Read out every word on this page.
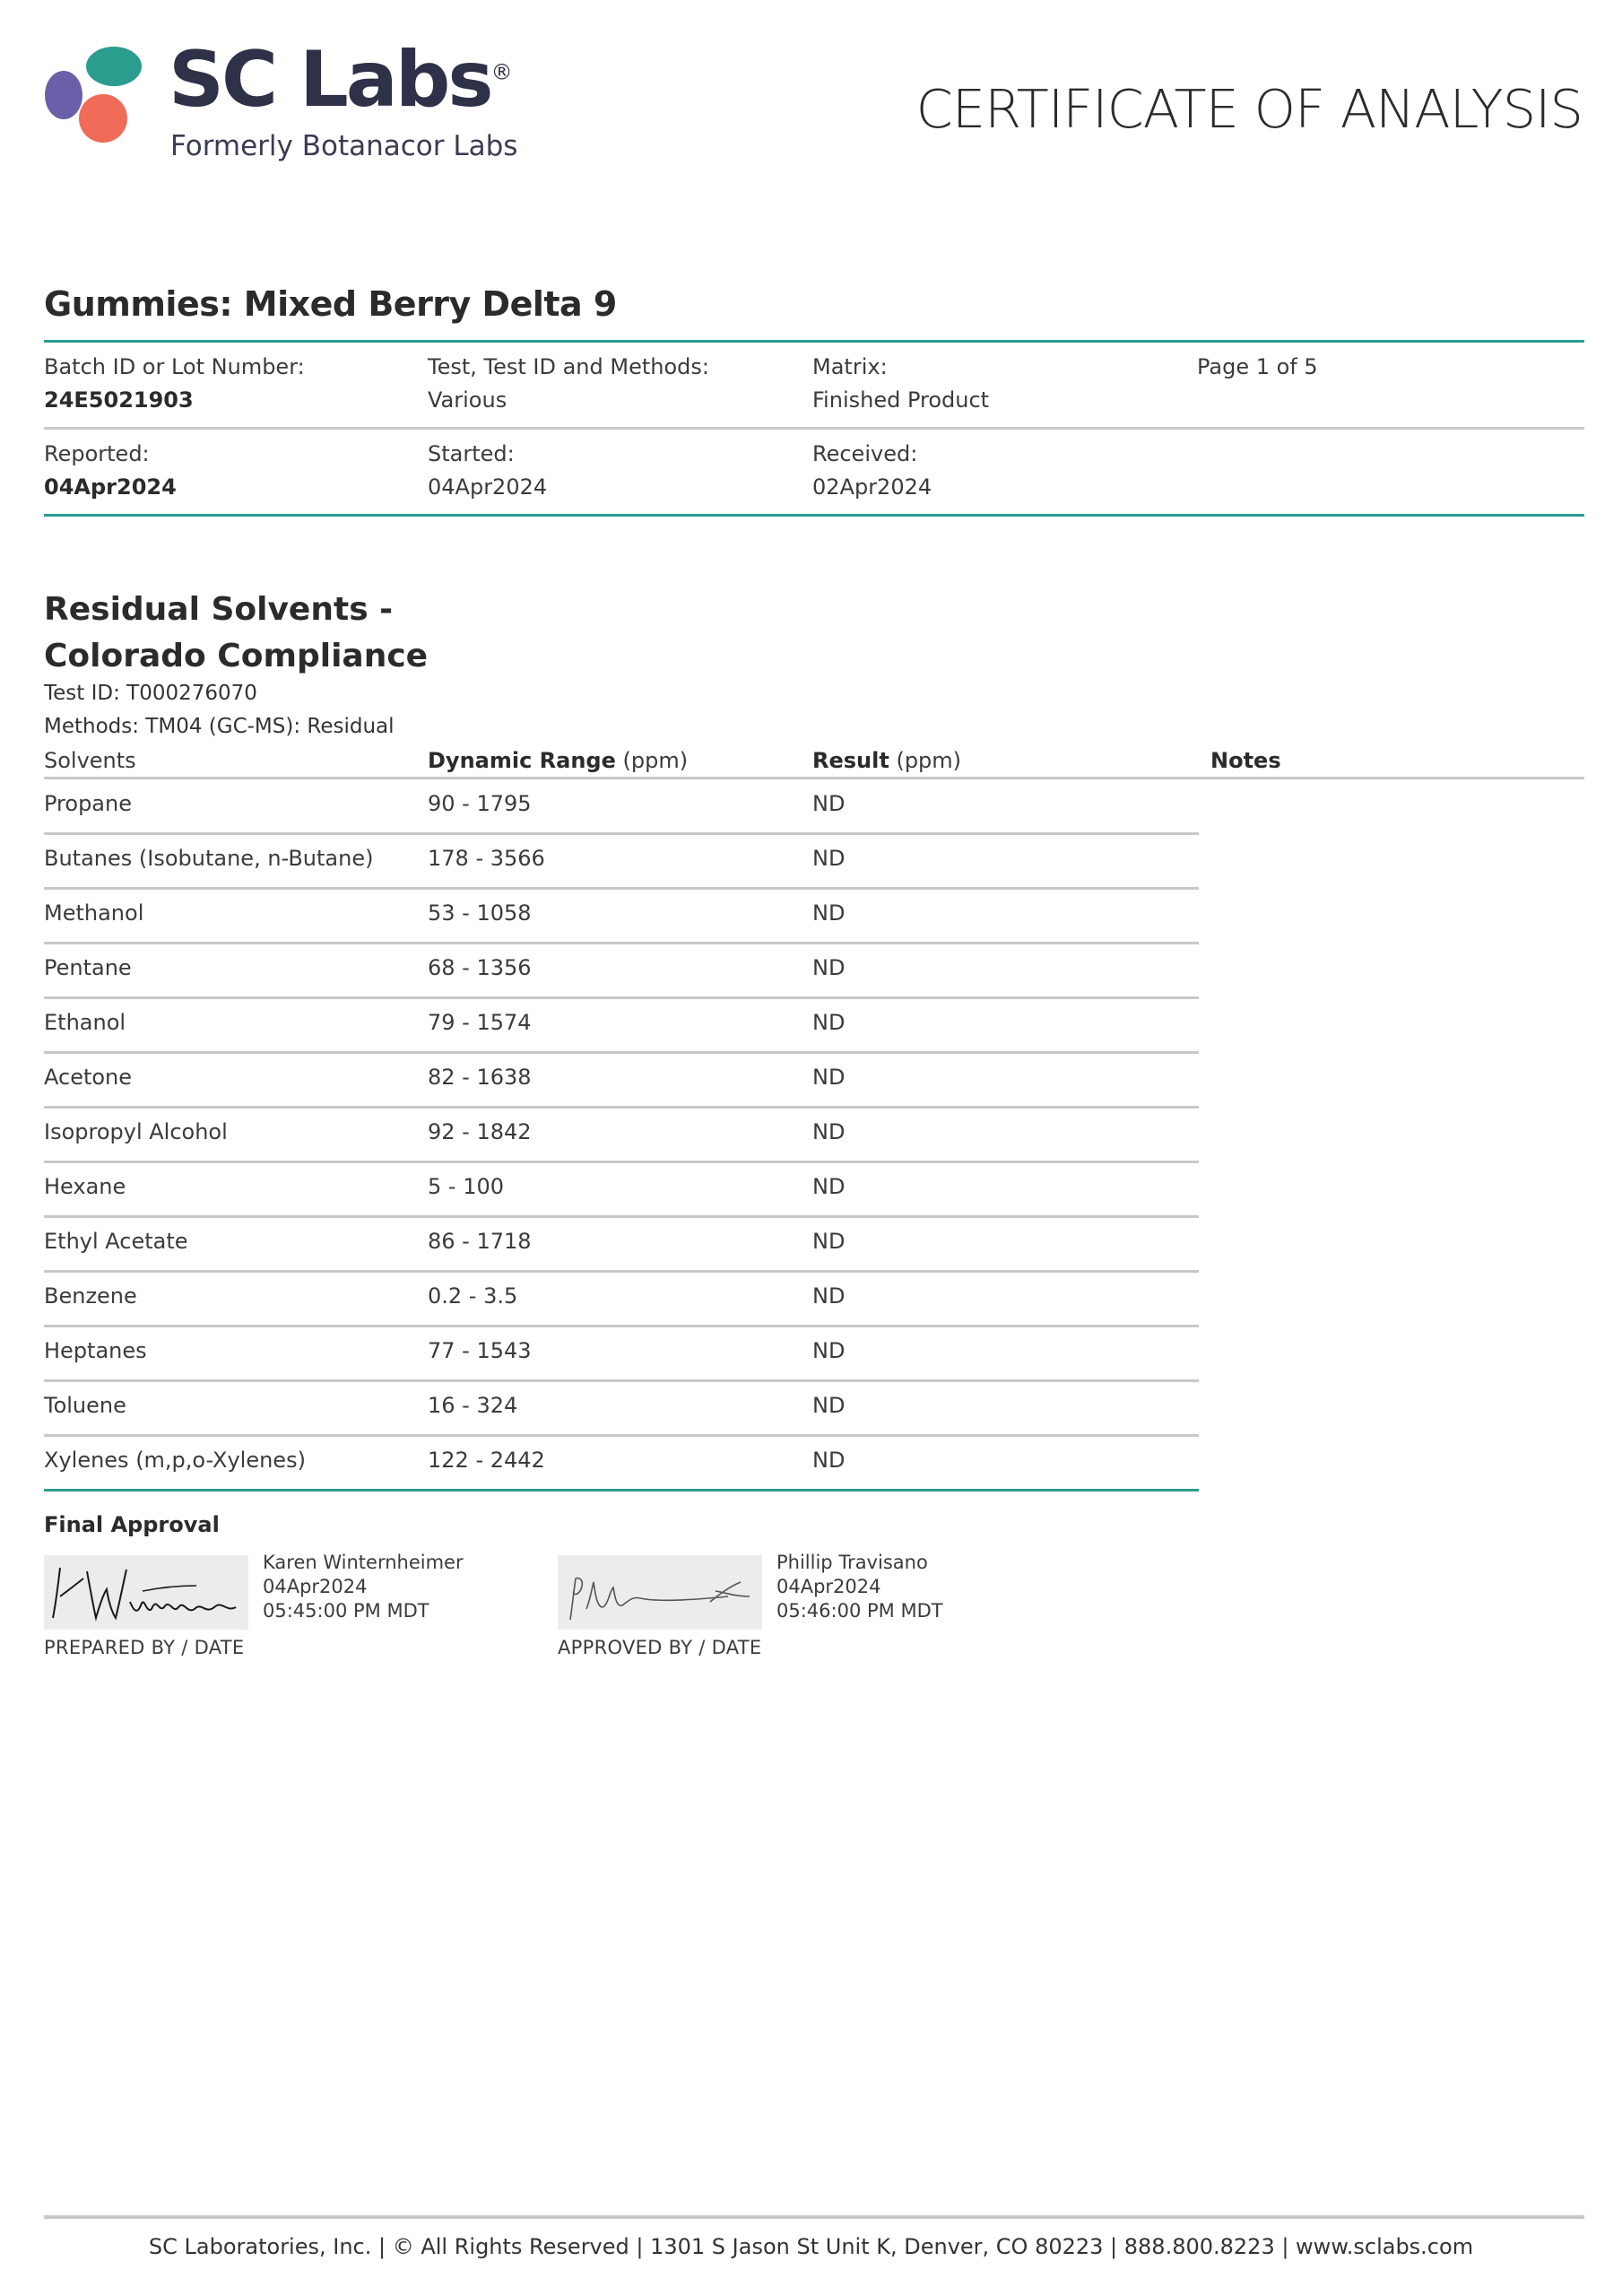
SC Labs®
Formerly Botanacor Labs
CERTIFICATE OF ANALYSIS
Gummies: Mixed Berry Delta 9
Batch ID or Lot Number:
24E5021903
Test, Test ID and Methods:
Various
Matrix:
Finished Product
Page 1 of 5
Reported:
04Apr2024
Started:
04Apr2024
Received:
02Apr2024
Residual Solvents -
Colorado Compliance
Test ID: T000276070
Methods: TM04 (GC-MS): Residual
Solvents	Dynamic Range (ppm)	Result (ppm)	Notes
Propane	90 - 1795	ND
Butanes (Isobutane, n-Butane)	178 - 3566	ND
Methanol	53 - 1058	ND
Pentane	68 - 1356	ND
Ethanol	79 - 1574	ND
Acetone	82 - 1638	ND
Isopropyl Alcohol	92 - 1842	ND
Hexane	5 - 100	ND
Ethyl Acetate	86 - 1718	ND
Benzene	0.2 - 3.5	ND
Heptanes	77 - 1543	ND
Toluene	16 - 324	ND
Xylenes (m,p,o-Xylenes)	122 - 2442	ND
Final Approval
Karen Winternheimer
04Apr2024
05:45:00 PM MDT
PREPARED BY / DATE
Phillip Travisano
04Apr2024
05:46:00 PM MDT
APPROVED BY / DATE
SC Laboratories, Inc. | © All Rights Reserved | 1301 S Jason St Unit K, Denver, CO 80223 | 888.800.8223 | www.sclabs.com
